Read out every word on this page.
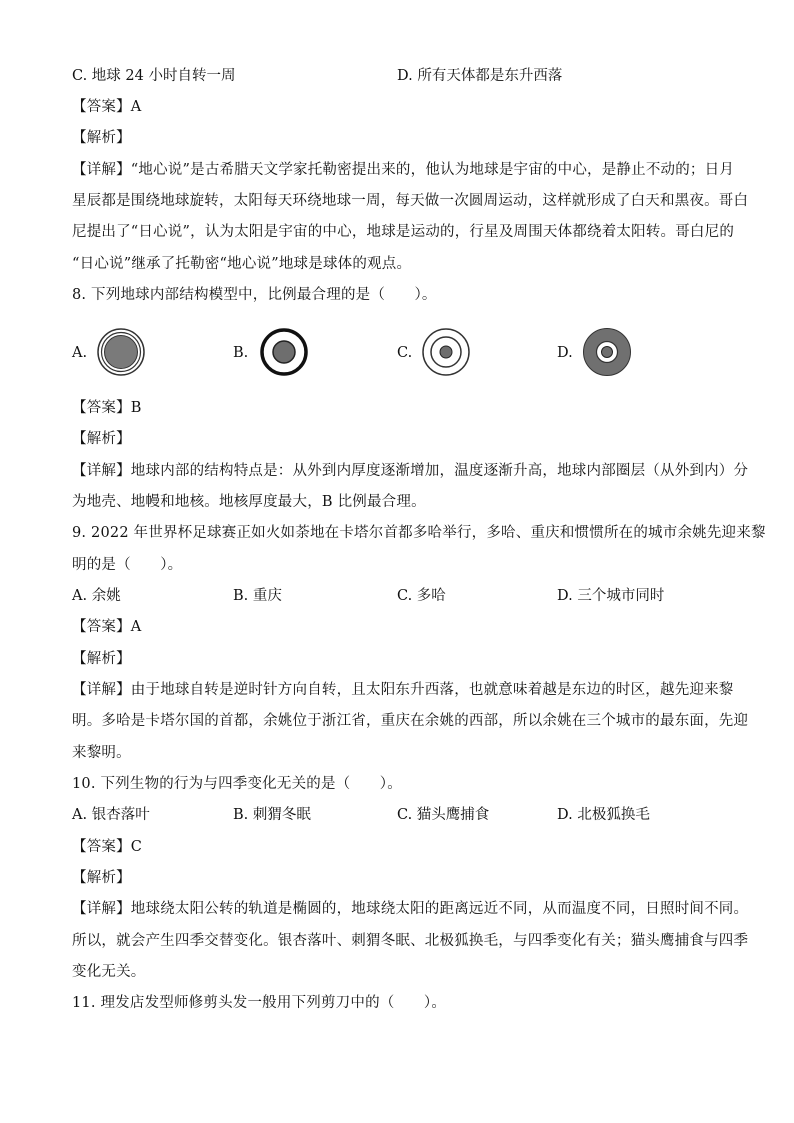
C. 地球 24 小时自转一周	D. 所有天体都是东升西落
【答案】A
【解析】
【详解】“地心说”是古希腊天文学家托勒密提出来的，他认为地球是宇宙的中心，是静止不动的；日月
星辰都是围绕地球旋转，太阳每天环绕地球一周，每天做一次圆周运动，这样就形成了白天和黑夜。哥白
尼提出了“日心说”，认为太阳是宇宙的中心，地球是运动的，行星及周围天体都绕着太阳转。哥白尼的
“日心说”继承了托勒密“地心说”地球是球体的观点。
8. 下列地球内部结构模型中，比例最合理的是（　　）。
A.	B.	C.	D.
【答案】B
【解析】
【详解】地球内部的结构特点是：从外到内厚度逐渐增加，温度逐渐升高，地球内部圈层（从外到内）分
为地壳、地幔和地核。地核厚度最大，B 比例最合理。
9. 2022 年世界杯足球赛正如火如荼地在卡塔尔首都多哈举行，多哈、重庆和惯惯所在的城市余姚先迎来黎
明的是（　　）。
A. 余姚	B. 重庆	C. 多哈	D. 三个城市同时
【答案】A
【解析】
【详解】由于地球自转是逆时针方向自转，且太阳东升西落，也就意味着越是东边的时区，越先迎来黎
明。多哈是卡塔尔国的首都，余姚位于浙江省，重庆在余姚的西部，所以余姚在三个城市的最东面，先迎
来黎明。
10. 下列生物的行为与四季变化无关的是（　　）。
A. 银杏落叶	B. 刺猬冬眠	C. 猫头鹰捕食	D. 北极狐换毛
【答案】C
【解析】
【详解】地球绕太阳公转的轨道是椭圆的，地球绕太阳的距离远近不同，从而温度不同，日照时间不同。
所以，就会产生四季交替变化。银杏落叶、刺猬冬眠、北极狐换毛，与四季变化有关；猫头鹰捕食与四季
变化无关。
11. 理发店发型师修剪头发一般用下列剪刀中的（　　）。
